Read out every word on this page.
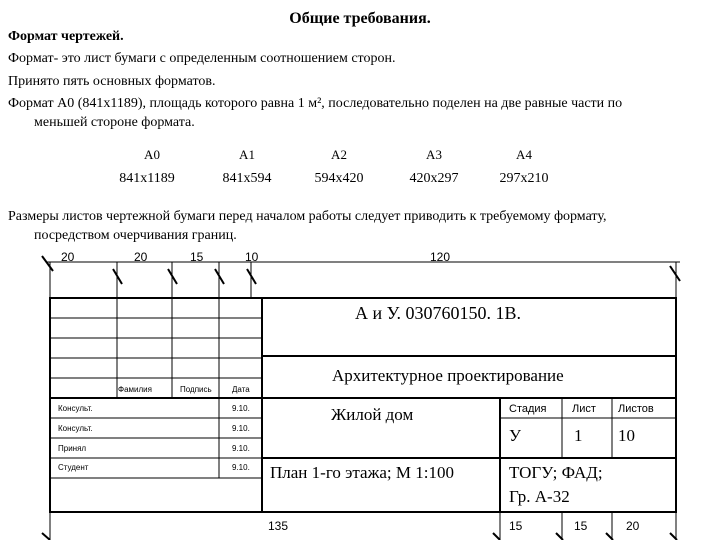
Общие требования.
Формат чертежей.
Формат- это лист бумаги с определенным соотношением сторон.
Принято пять основных форматов.
Формат А0 (841х1189), площадь которого равна 1 м², последовательно поделен на две равные части по
меньшей стороне формата.
А0	А1	А2	А3	А4
841х1189	841х594	594х420	420х297	297х210
Размеры листов чертежной бумаги перед началом работы следует приводить к требуемому формату,
посредством очерчивания границ.
20	20	15	10	120
А и У. 030760150. 1В.
Архитектурное проектирование
Жилой дом
План 1-го этажа; М 1:100	ТОГУ; ФАД;
Гр. А-32
Фамилия	Подпись	Дата
Консульт.	9.10.
Консульт.	9.10.
Принял	9.10.
Студент	9.10.
Стадия Лист Листов
У	1 10
135	15	15	20
